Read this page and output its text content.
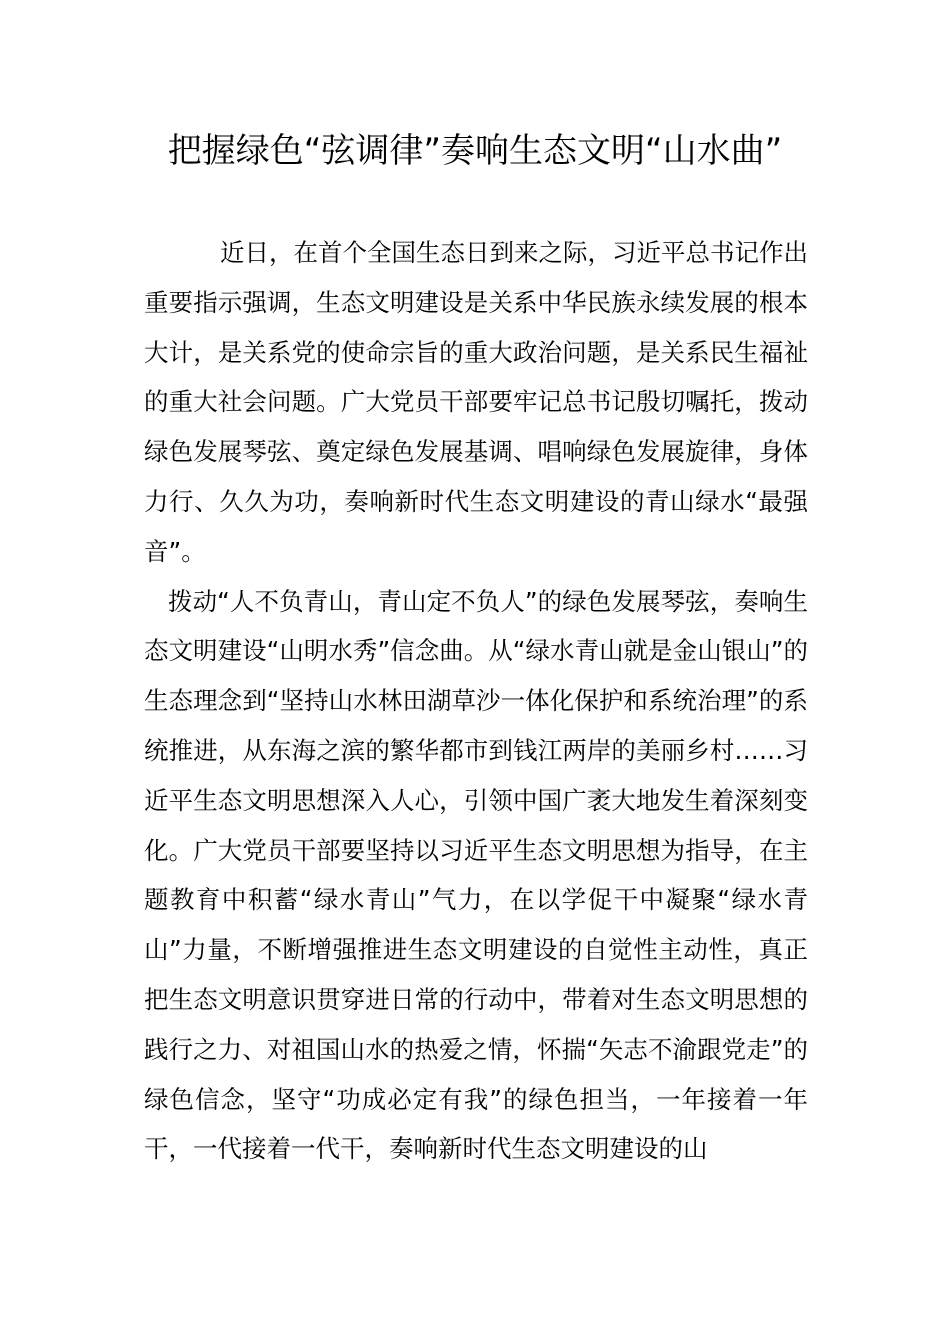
把握绿色“弦调律”奏响生态文明“山水曲”

近日，在首个全国生态日到来之际，习近平总书记作出重要指示强调，生态文明建设是关系中华民族永续发展的根本大计，是关系党的使命宗旨的重大政治问题，是关系民生福祉的重大社会问题。广大党员干部要牢记总书记殷切嘱托，拨动绿色发展琴弦、奠定绿色发展基调、唱响绿色发展旋律，身体力行、久久为功，奏响新时代生态文明建设的青山绿水“最强音”。

拨动“人不负青山，青山定不负人”的绿色发展琴弦，奏响生态文明建设“山明水秀”信念曲。从“绿水青山就是金山银山”的生态理念到“坚持山水林田湖草沙一体化保护和系统治理”的系统推进，从东海之滨的繁华都市到钱江两岸的美丽乡村……习近平生态文明思想深入人心，引领中国广袤大地发生着深刻变化。广大党员干部要坚持以习近平生态文明思想为指导，在主题教育中积蓄“绿水青山”气力，在以学促干中凝聚“绿水青山”力量，不断增强推进生态文明建设的自觉性主动性，真正把生态文明意识贯穿进日常的行动中，带着对生态文明思想的践行之力、对祖国山水的热爱之情，怀揣“矢志不渝跟党走”的绿色信念，坚守“功成必定有我”的绿色担当，一年接着一年干，一代接着一代干，奏响新时代生态文明建设的山
